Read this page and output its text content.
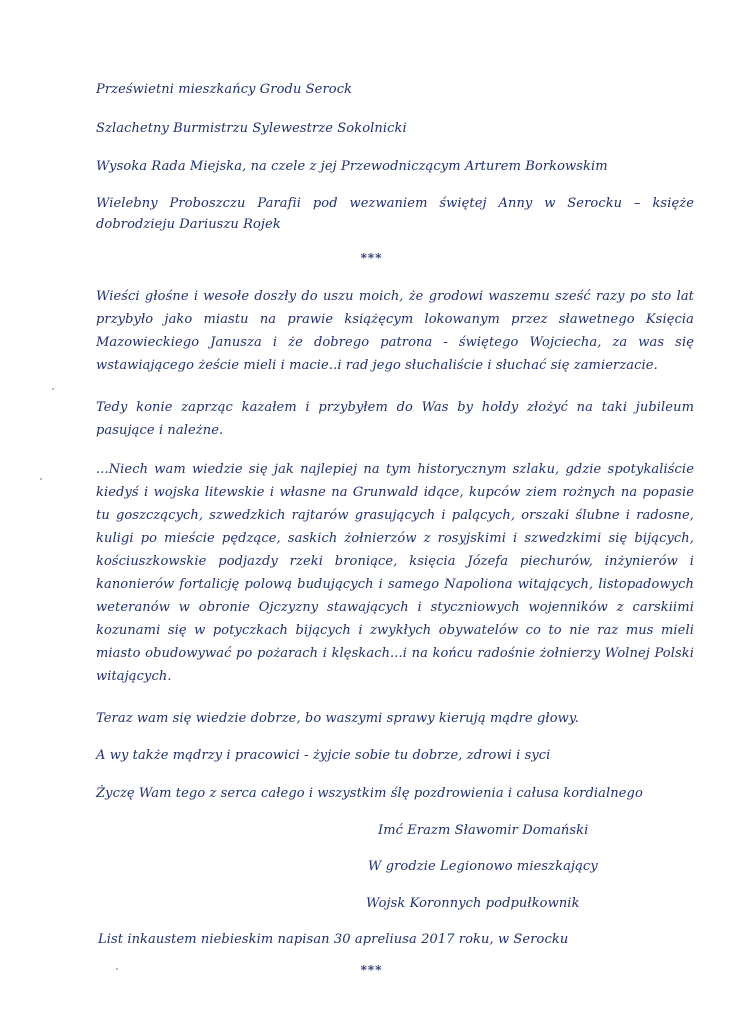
Prześwietni mieszkańcy Grodu Serock
Szlachetny Burmistrzu Sylewestrze Sokolnicki
Wysoka Rada Miejska, na czele z jej Przewodniczącym Arturem Borkowskim
Wielebny Proboszczu Parafii pod wezwaniem świętej Anny w Serocku – księże
dobrodzieju Dariuszu Rojek
***
Wieści głośne i wesołe doszły do uszu moich, że grodowi waszemu sześć razy po sto lat
przybyło jako miastu na prawie książęcym lokowanym przez sławetnego Księcia
Mazowieckiego Janusza i że dobrego patrona - świętego Wojciecha, za was się
wstawiającego żeście mieli i macie..i rad jego słuchaliście i słuchać się zamierzacie.
Tedy konie zaprząc kazałem i przybyłem do Was by hołdy złożyć na taki jubileum
pasujące i należne.
...Niech wam wiedzie się jak najlepiej na tym historycznym szlaku, gdzie spotykaliście
kiedyś i wojska litewskie i własne na Grunwald idące, kupców ziem rożnych na popasie
tu goszczących, szwedzkich rajtarów grasujących i palących, orszaki ślubne i radosne,
kuligi po mieście pędzące, saskich żołnierzów z rosyjskimi i szwedzkimi się bijących,
kościuszkowskie podjazdy rzeki broniące, księcia Józefa piechurów, inżynierów i
kanonierów fortalicję polową budujących i samego Napoliona witających, listopadowych
weteranów w obronie Ojczyzny stawających i styczniowych wojenników z carskiimi
kozunami się w potyczkach bijących i zwykłych obywatelów co to nie raz mus mieli
miasto obudowywać po pożarach i klęskach...i na końcu radośnie żołnierzy Wolnej Polski
witających.
Teraz wam się wiedzie dobrze, bo waszymi sprawy kierują mądre głowy.
A wy także mądrzy i pracowici - żyjcie sobie tu dobrze, zdrowi i syci
Życzę Wam tego z serca całego i wszystkim ślę pozdrowienia i całusa kordialnego
Imć Erazm Sławomir Domański
W grodzie Legionowo mieszkający
Wojsk Koronnych podpułkownik
List inkaustem niebieskim napisan 30 apreliusa 2017 roku, w Serocku
***
